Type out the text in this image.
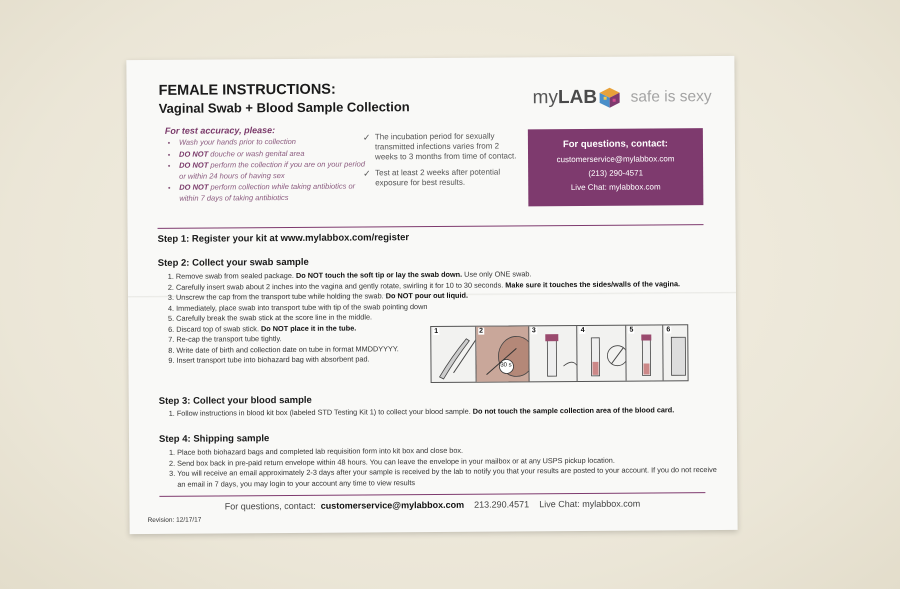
FEMALE INSTRUCTIONS:
Vaginal Swab + Blood Sample Collection	myLAB safe is sexy
For test accuracy, please:
• Wash your hands prior to collection
• DO NOT douche or wash genital area
• DO NOT perform the collection if you are on your period or within 24 hours of having sex
• DO NOT perform collection while taking antibiotics or within 7 days of taking antibiotics
✓ The incubation period for sexually transmitted infections varies from 2 weeks to 3 months from time of contact.
✓ Test at least 2 weeks after potential exposure for best results.
For questions, contact:
customerservice@mylabbox.com
(213) 290-4571
Live Chat: mylabbox.com
Step 1: Register your kit at www.mylabbox.com/register
Step 2: Collect your swab sample
1. Remove swab from sealed package. Do NOT touch the soft tip or lay the swab down. Use only ONE swab.
2. Carefully insert swab about 2 inches into the vagina and gently rotate, swirling it for 10 to 30 seconds. Make sure it touches the sides/walls of the vagina.
3. Unscrew the cap from the transport tube while holding the swab. Do NOT pour out liquid.
4. Immediately, place swab into transport tube with tip of the swab pointing down
5. Carefully break the swab stick at the score line in the middle.
6. Discard top of swab stick. Do NOT place it in the tube.
7. Re-cap the transport tube tightly.
8. Write date of birth and collection date on tube in format MMDDYYYY.
9. Insert transport tube into biohazard bag with absorbent pad.
1	2
30 s
3	4	5	6
Step 3: Collect your blood sample
1. Follow instructions in blood kit box (labeled STD Testing Kit 1) to collect your blood sample. Do not touch the sample collection area of the blood card.
Step 4: Shipping sample
1. Place both biohazard bags and completed lab requisition form into kit box and close box.
2. Send box back in pre-paid return envelope within 48 hours. You can leave the envelope in your mailbox or at any USPS pickup location.
3. You will receive an email approximately 2-3 days after your sample is received by the lab to notify you that your results are posted to your account. If you do not receive an email in 7 days, you may login to your account any time to view results
For questions, contact: customerservice@mylabbox.com 213.290.4571 Live Chat: mylabbox.com
Revision: 12/17/17
